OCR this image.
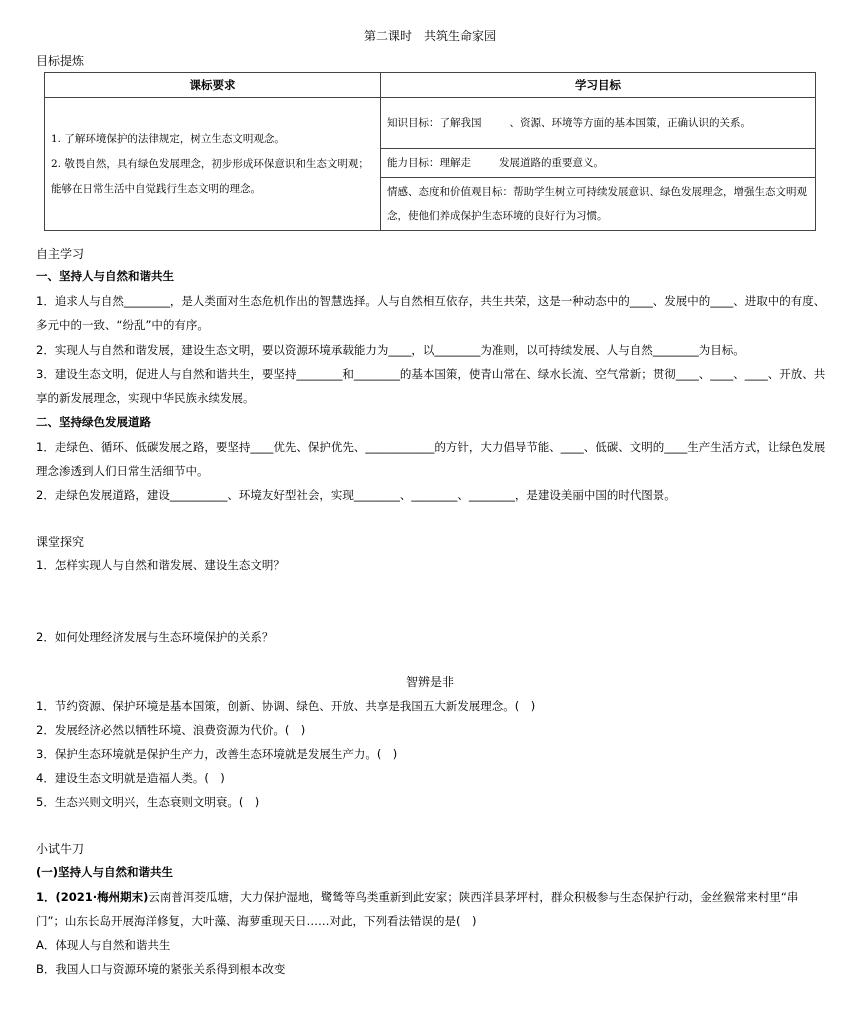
第二课时　共筑生命家园
目标提炼
课标要求	学习目标

1. 了解环境保护的法律规定，树立生态文明观念。
2. 敬畏自然，具有绿色发展理念，初步形成环保意识和生态文明观；能够在日常生活中自觉践行生态文明的理念。	知识目标：了解我国 、资源、环境等方面的基本国策，正确认识的关系。
	能力目标：理解走 发展道路的重要意义。
	情感、态度和价值观目标：帮助学生树立可持续发展意识、绿色发展理念，增强生态文明观念，使他们养成保护生态环境的良好行为习惯。
自主学习
一、坚持人与自然和谐共生
1．追求人与自然________，是人类面对生态危机作出的智慧选择。人与自然相互依存，共生共荣，这是一种动态中的____、发展中的____、进取中的有度、多元中的一致、“纷乱”中的有序。
2．实现人与自然和谐发展，建设生态文明，要以资源环境承载能力为____，以________为准则，以可持续发展、人与自然________为目标。
3．建设生态文明，促进人与自然和谐共生，要坚持________和________的基本国策，使青山常在、绿水长流、空气常新；贯彻____、____、____、开放、共享的新发展理念，实现中华民族永续发展。
二、坚持绿色发展道路
1．走绿色、循环、低碳发展之路，要坚持____优先、保护优先、____________的方针，大力倡导节能、____、低碳、文明的____生产生活方式，让绿色发展理念渗透到人们日常生活细节中。
2．走绿色发展道路，建设__________、环境友好型社会，实现________、________、________，是建设美丽中国的时代图景。
课堂探究
1．怎样实现人与自然和谐发展、建设生态文明？
2．如何处理经济发展与生态环境保护的关系？
智辨是非
1．节约资源、保护环境是基本国策，创新、协调、绿色、开放、共享是我国五大新发展理念。(　)
2．发展经济必然以牺牲环境、浪费资源为代价。(　)
3．保护生态环境就是保护生产力，改善生态环境就是发展生产力。(　)
4．建设生态文明就是造福人类。(　)
5．生态兴则文明兴，生态衰则文明衰。(　)
小试牛刀
(一)坚持人与自然和谐共生
1．(2021·梅州期末)云南普洱茭瓜塘，大力保护湿地，鹭鸶等鸟类重新到此安家；陕西洋县茅坪村，群众积极参与生态保护行动，金丝猴常来村里“串门”；山东长岛开展海洋修复，大叶藻、海萝重现天日……对此，下列看法错误的是(　)
A．体现人与自然和谐共生
B．我国人口与资源环境的紧张关系得到根本改变
